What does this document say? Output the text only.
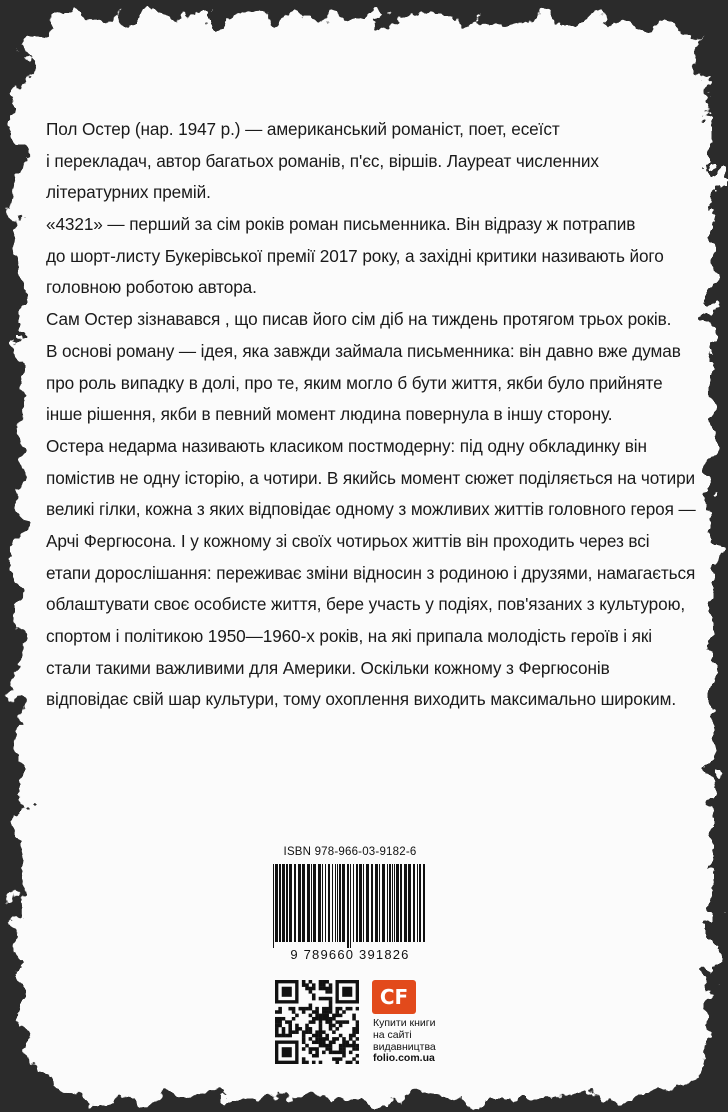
Пол Остер (нар. 1947 р.) — американський романіст, поет, есеїст
і перекладач, автор багатьох романів, п'єс, віршів. Лауреат численних
літературних премій.
«4321» — перший за сім років роман письменника. Він відразу ж потрапив
до шорт-листу Букерівської премії 2017 року, а західні критики називають його
головною роботою автора.
Сам Остер зізнавався , що писав його сім діб на тиждень протягом трьох років.
В основі роману — ідея, яка завжди займала письменника: він давно вже думав
про роль випадку в долі, про те, яким могло б бути життя, якби було прийняте
інше рішення, якби в певний момент людина повернула в іншу сторону.
Остера недарма називають класиком постмодерну: під одну обкладинку він
помістив не одну історію, а чотири. В якийсь момент сюжет поділяється на чотири
великі гілки, кожна з яких відповідає одному з можливих життів головного героя —
Арчі Фергюсона. І у кожному зі своїх чотирьох життів він проходить через всі
етапи дорослішання: переживає зміни відносин з родиною і друзями, намагається
облаштувати своє особисте життя, бере участь у подіях, пов'язаних з культурою,
спортом і політикою 1950—1960-х років, на які припала молодість героїв і які
стали такими важливими для Америки. Оскільки кожному з Фергюсонів
відповідає свій шар культури, тому охоплення виходить максимально широким.
ISBN 978-966-03-9182-6
9 789660 391826
CF
Купити книги
на сайті
видавництва
folio.com.ua
